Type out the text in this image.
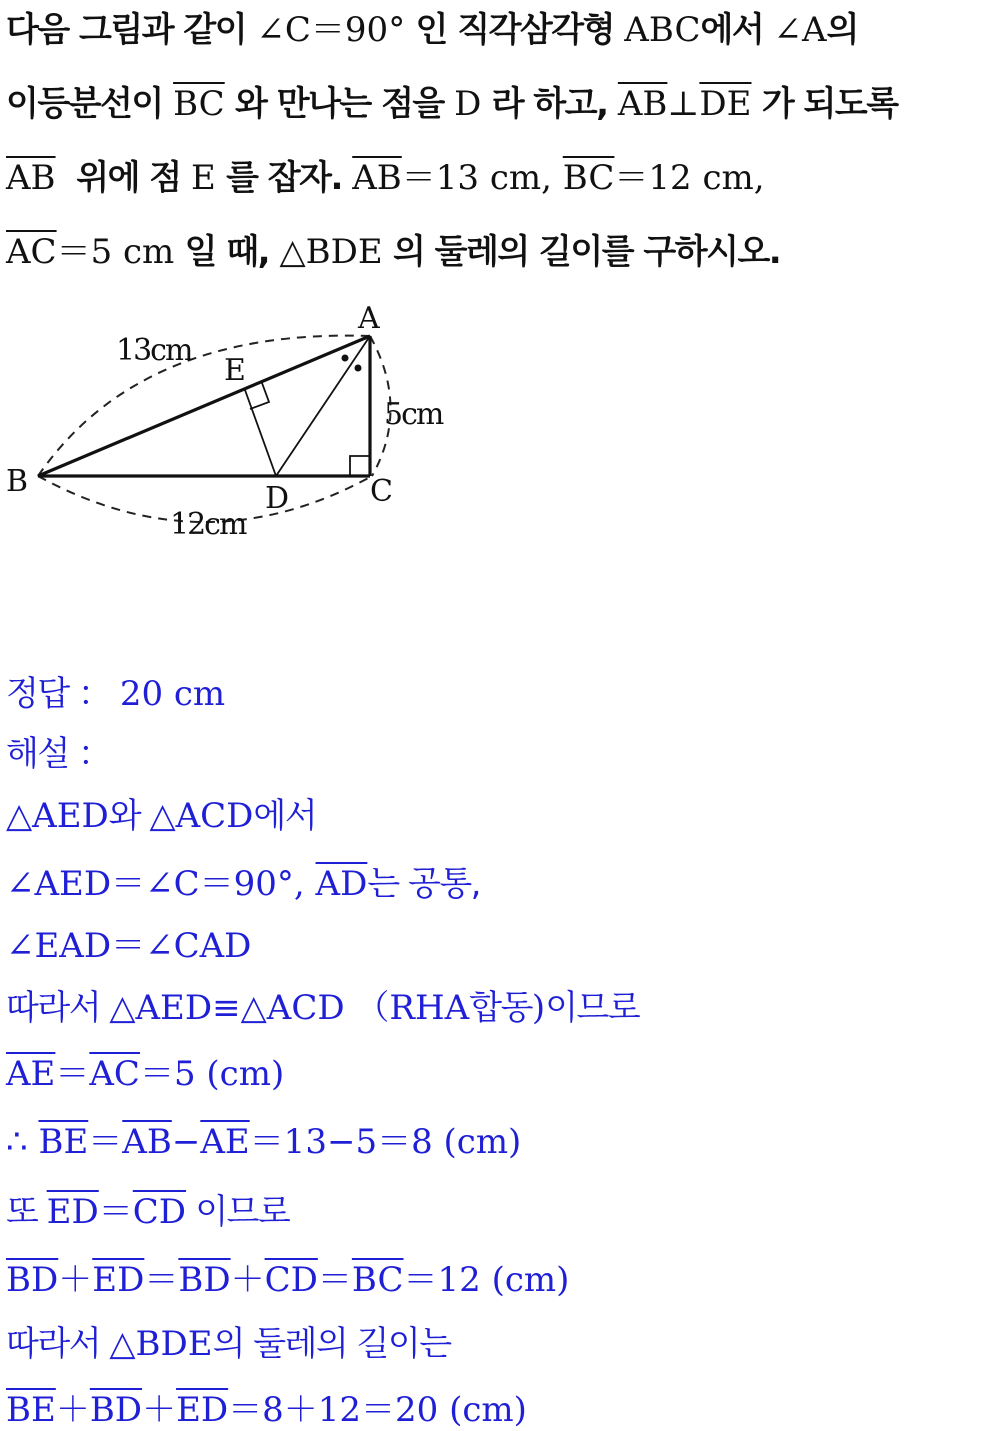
다음 그림과 같이 ∠C＝90° 인 직각삼각형 ABC에서 ∠A의
이등분선이 $\overline{BC}$ 와 만나는 점을 D 라 하고, $\overline{AB}\perp\overline{DE}$ 가 되도록
$\overline{AB}$  위에 점 E 를 잡자. $\overline{AB}=13$ cm, $\overline{BC}=12$ cm,
$\overline{AC}=5$ cm 일 때, △BDE 의 둘레의 길이를 구하시오.
A
B	C
D
E
13cm
5cm
12cm
정답 ： 20 cm
해설 ：
△AED와 △ACD에서
∠AED＝∠C＝90°, $\overline{AD}$는 공통,
∠EAD＝∠CAD
따라서 △AED≡△ACD （RHA합동)이므로
$\overline{AE}=\overline{AC}=5$ (cm)
∴ $\overline{BE}=\overline{AB}-\overline{AE}=13-5=8$ (cm)
또 $\overline{ED}=\overline{CD}$ 이므로
$\overline{BD}+\overline{ED}=\overline{BD}+\overline{CD}=\overline{BC}=12$ (cm)
따라서 △BDE의 둘레의 길이는
$\overline{BE}+\overline{BD}+\overline{ED}=8+12=20$ (cm)
